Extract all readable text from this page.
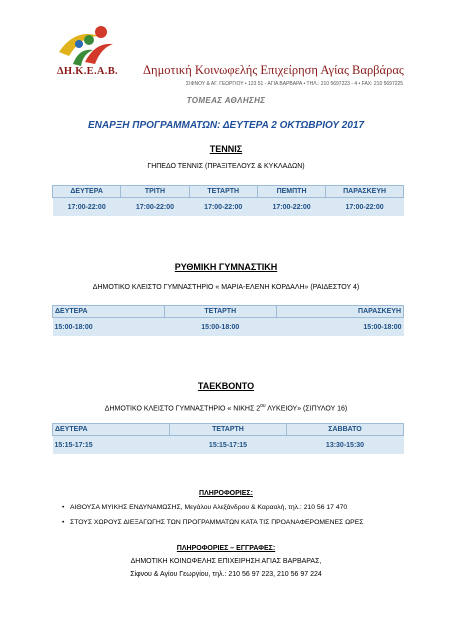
ΔΗ.Κ.Ε.Α.Β. Δημοτική Κοινωφελής Επιχείρηση Αγίας Βαρβάρας
ΣΙΦΝΟΥ & ΑΓ. ΓΕΩΡΓΙΟΥ • 123 51 - ΑΓΙΑ ΒΑΡΒΑΡΑ • ΤΗΛ.: 210 5697223 - 4 • FAX: 210 5697225
ΤΟΜΕΑΣ ΑΘΛΗΣΗΣ
ΕΝΑΡΞΗ ΠΡΟΓΡΑΜΜΑΤΩΝ: ΔΕΥΤΕΡΑ 2 ΟΚΤΩΒΡΙΟΥ 2017
ΤΕΝΝΙΣ
ΓΗΠΕΔΟ ΤΕΝΝΙΣ (ΠΡΑΞΙΤΕΛΟΥΣ & ΚΥΚΛΑΔΩΝ)
ΔΕΥΤΕΡΑ	ΤΡΙΤΗ	ΤΕΤΑΡΤΗ	ΠΕΜΠΤΗ	ΠΑΡΑΣΚΕΥΗ
17:00-22:00	17:00-22:00	17:00-22:00	17:00-22:00	17:00-22:00
ΡΥΘΜΙΚΗ ΓΥΜΝΑΣΤΙΚΗ
ΔΗΜΟΤΙΚΟ ΚΛΕΙΣΤΟ ΓΥΜΝΑΣΤΗΡΙΟ « ΜΑΡΙΑ-ΕΛΕΝΗ ΚΟΡΔΑΛΗ» (ΡΑΙΔΕΣΤΟΥ 4)
ΔΕΥΤΕΡΑ	ΤΕΤΑΡΤΗ	ΠΑΡΑΣΚΕΥΗ
15:00-18:00	15:00-18:00	15:00-18:00
ΤΑΕΚΒΟΝΤΟ
ΔΗΜΟΤΙΚΟ ΚΛΕΙΣΤΟ ΓΥΜΝΑΣΤΗΡΙΟ « ΝΙΚΗΣ $2^{o\upsilon}$ ΛΥΚΕΙΟΥ» (ΣΙΠΥΛΟΥ 16)
ΔΕΥΤΕΡΑ	ΤΕΤΑΡΤΗ	ΣΑΒΒΑΤΟ
15:15-17:15	15:15-17:15	13:30-15:30
ΠΛΗΡΟΦΟΡΙΕΣ:
• ΑΙΘΟΥΣΑ ΜΥΙΚΗΣ ΕΝΔΥΝΑΜΩΣΗΣ, Μεγάλου Αλεξάνδρου & Καραολή, τηλ.: 210 56 17 470
• ΣΤΟΥΣ ΧΩΡΟΥΣ ΔΙΕΞΑΓΩΓΗΣ ΤΩΝ ΠΡΟΓΡΑΜΜΑΤΩΝ ΚΑΤΑ ΤΙΣ ΠΡΟΑΝΑΦΕΡΟΜΕΝΕΣ ΩΡΕΣ
ΠΛΗΡΟΦΟΡΙΕΣ – ΕΓΓΡΑΦΕΣ:
ΔΗΜΟΤΙΚΗ ΚΟΙΝΩΦΕΛΗΣ ΕΠΙΧΕΙΡΗΣΗ ΑΓΙΑΣ ΒΑΡΒΑΡΑΣ,
Σίφνου & Αγίου Γεωργίου, τηλ.: 210 56 97 223, 210 56 97 224
